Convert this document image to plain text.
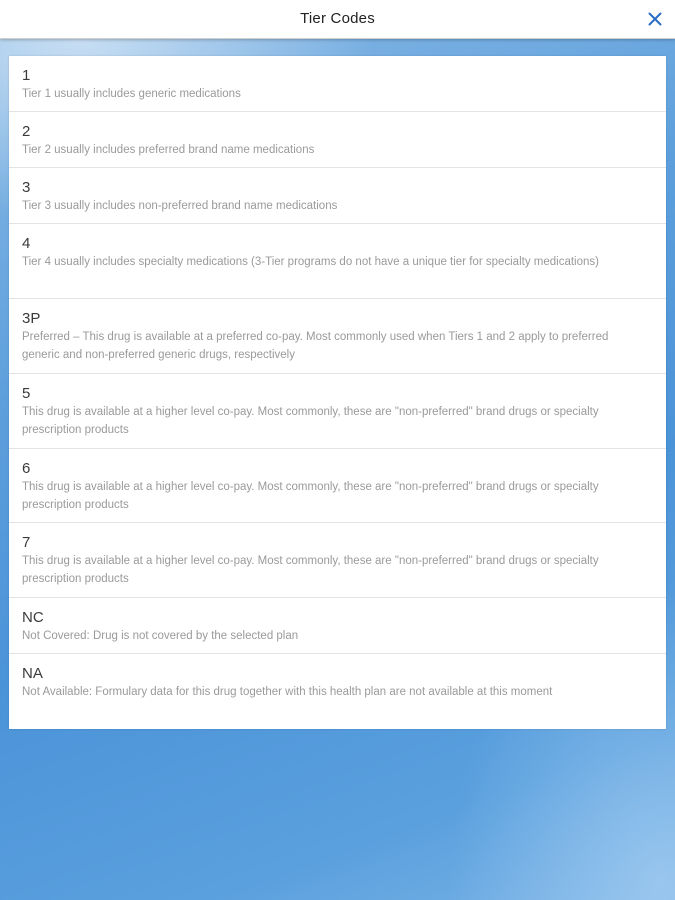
Tier Codes
1
Tier 1 usually includes generic medications
2
Tier 2 usually includes preferred brand name medications
3
Tier 3 usually includes non-preferred brand name medications
4
Tier 4 usually includes specialty medications (3-Tier programs do not have a unique tier for specialty medications)
3P
Preferred – This drug is available at a preferred co-pay. Most commonly used when Tiers 1 and 2 apply to preferred generic and non-preferred generic drugs, respectively
5
This drug is available at a higher level co-pay. Most commonly, these are "non-preferred" brand drugs or specialty prescription products
6
This drug is available at a higher level co-pay. Most commonly, these are "non-preferred" brand drugs or specialty prescription products
7
This drug is available at a higher level co-pay. Most commonly, these are "non-preferred" brand drugs or specialty prescription products
NC
Not Covered: Drug is not covered by the selected plan
NA
Not Available: Formulary data for this drug together with this health plan are not available at this moment
